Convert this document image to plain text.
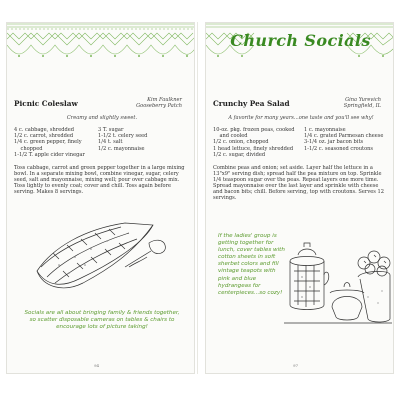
Picnic Coleslaw	Kim Faulkner
Gooseberry Patch
Creamy and slightly sweet.
4 c. cabbage, shredded
1/2 c. carrot, shredded
1/4 c. green pepper, finely
chopped
1-1/2 T. apple cider vinegar
3 T. sugar
1-1/2 t. celery seed
1/4 t. salt
1/2 c. mayonnaise

Toss cabbage, carrot and green pepper together in a large mixing bowl. In a separate mixing bowl, combine vinegar, sugar, celery seed, salt and mayonnaise, mixing well; pour over cabbage mix. Toss lightly to evenly coat; cover and chill. Toss again before serving. Makes 8 servings.

Socials are all about bringing family & friends together, so scatter disposable cameras on tables & chairs to encourage lots of picture taking!

94
Church Socials
Crunchy Pea Salad	Gina Yurevich
Springfield, IL
A favorite for many years...one taste and you'll see why!
10-oz. pkg. frozen peas, cooked
and cooled
1/2 c. onion, chopped
1 head lettuce, finely shredded
1/2 c. sugar, divided
1 c. mayonnaise
1/4 c. grated Parmesan cheese
3-1/4 oz. jar bacon bits
1-1/2 c. seasoned croutons

Combine peas and onion; set aside. Layer half the lettuce in a 13"x9" serving dish; spread half the pea mixture on top. Sprinkle 1/4 teaspoon sugar over the peas. Repeat layers one more time. Spread mayonnaise over the last layer and sprinkle with cheese and bacon bits; chill. Before serving, top with croutons. Serves 12 servings.

If the ladies' group is getting together for lunch, cover tables with cotton sheets in soft sherbet colors and fill vintage teapots with pink and blue hydrangeas for centerpieces...so cozy!

97
